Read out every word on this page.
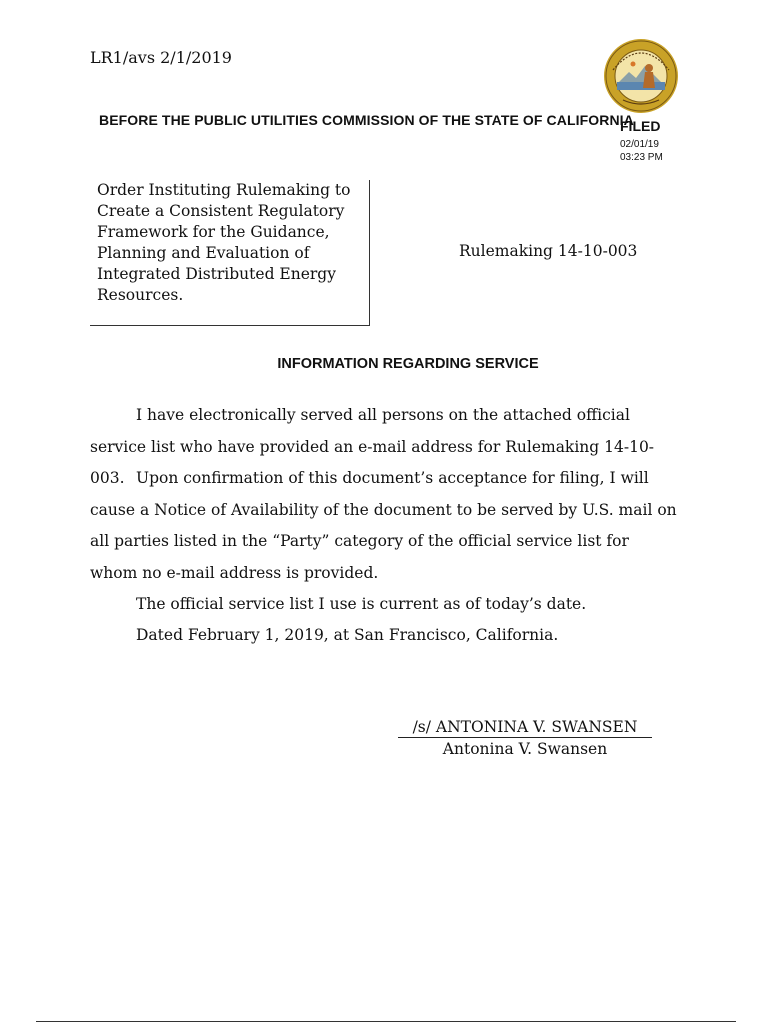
LR1/avs 2/1/2019
BEFORE THE PUBLIC UTILITIES COMMISSION OF THE STATE OF CALIFORNIA
FILED
02/01/19
03:23 PM
Order Instituting Rulemaking to
Create a Consistent Regulatory
Framework for the Guidance,
Planning and Evaluation of
Integrated Distributed Energy
Resources.
Rulemaking 14-10-003
INFORMATION REGARDING SERVICE
I have electronically served all persons on the attached official service list who have provided an e-mail address for Rulemaking 14-10-003. Upon confirmation of this document’s acceptance for filing, I will cause a Notice of Availability of the document to be served by U.S. mail on all parties listed in the “Party” category of the official service list for whom no e-mail address is provided.
The official service list I use is current as of today’s date.
Dated February 1, 2019, at San Francisco, California.
/s/ ANTONINA V. SWANSEN
Antonina V. Swansen
